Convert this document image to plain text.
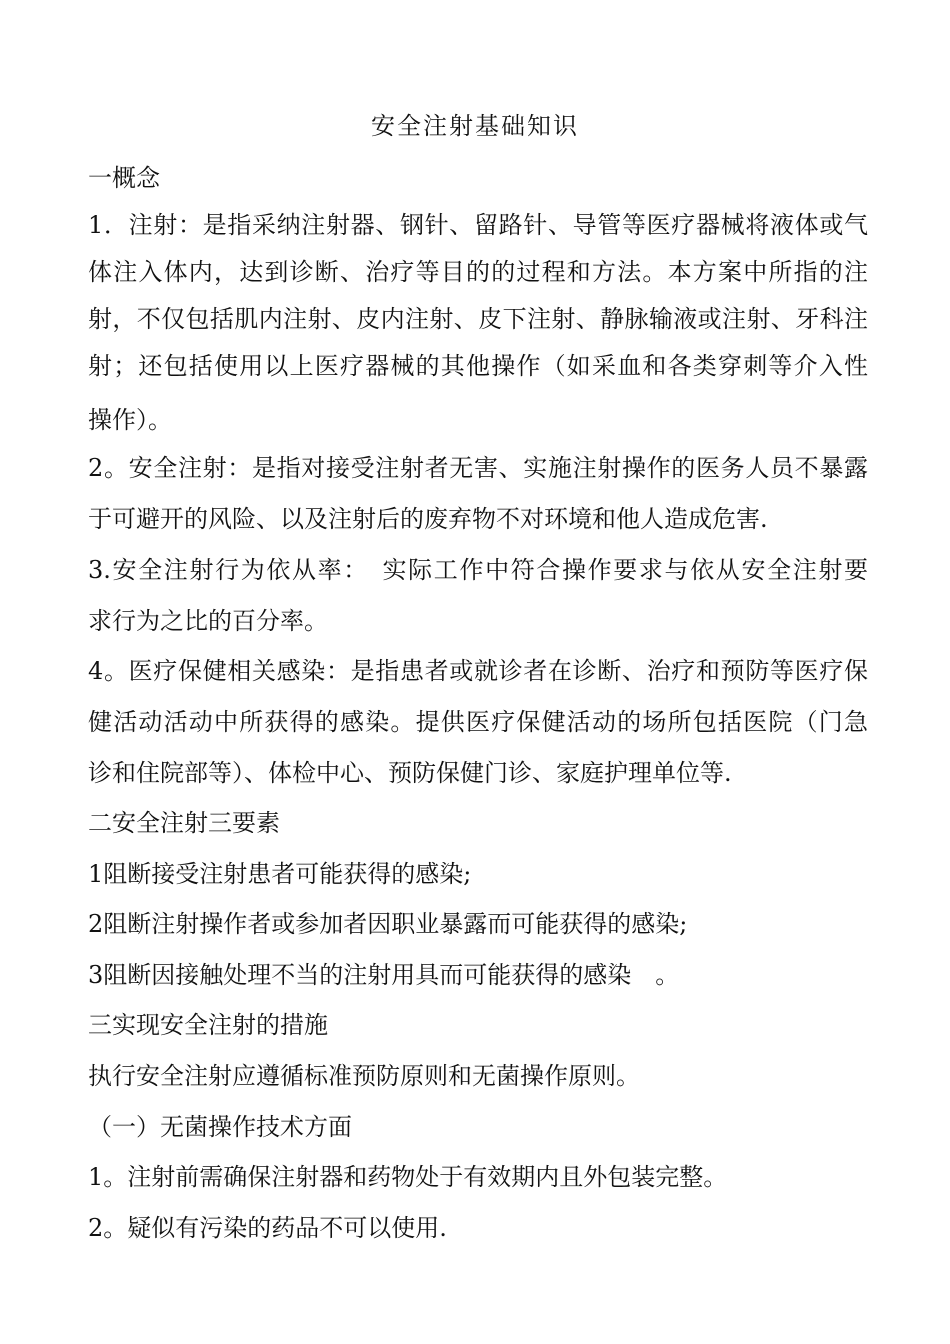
安全注射基础知识
一概念
1．注射：是指采纳注射器、钢针、留路针、导管等医疗器械将液体或气
体注入体内，达到诊断、治疗等目的的过程和方法。本方案中所指的注
射，不仅包括肌内注射、皮内注射、皮下注射、静脉输液或注射、牙科注
射；还包括使用以上医疗器械的其他操作（如采血和各类穿刺等介入性
操作）。
2。安全注射：是指对接受注射者无害、实施注射操作的医务人员不暴露
于可避开的风险、以及注射后的废弃物不对环境和他人造成危害.
3.安全注射行为依从率：　实际工作中符合操作要求与依从安全注射要
求行为之比的百分率。
4。医疗保健相关感染：是指患者或就诊者在诊断、治疗和预防等医疗保
健活动活动中所获得的感染。提供医疗保健活动的场所包括医院（门急
诊和住院部等）、体检中心、预防保健门诊、家庭护理单位等.
二安全注射三要素
1阻断接受注射患者可能获得的感染;
2阻断注射操作者或参加者因职业暴露而可能获得的感染;
3阻断因接触处理不当的注射用具而可能获得的感染　。
三实现安全注射的措施
执行安全注射应遵循标准预防原则和无菌操作原则。
（一）无菌操作技术方面
1。注射前需确保注射器和药物处于有效期内且外包装完整。
2。疑似有污染的药品不可以使用.
